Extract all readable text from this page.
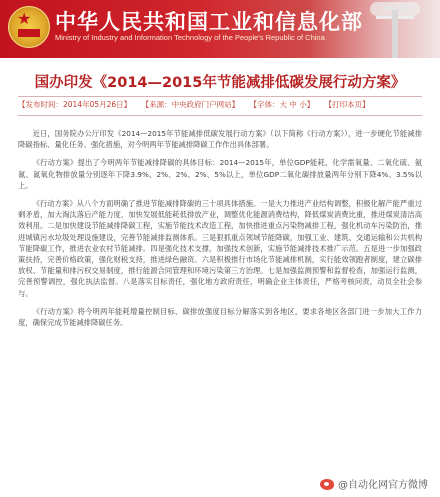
★ 中华人民共和国工业和信息化部
Ministry of Industry and Information Technology of the People's Republic of China
国办印发《2014—2015年节能减排低碳发展行动方案》
【发布时间：2014年05月26日】 【来源：中央政府门户网站】 【字体：大 中 小】 【打印本页】

近日，国务院办公厅印发《2014—2015年节能减排低碳发展行动方案》（以下简称《行动方案》），进一步硬化节能减排降碳指标、量化任务、强化措施，对今明两年节能减排降碳工作作出具体部署。

《行动方案》提出了今明两年节能减排降碳的具体目标：2014—2015年，单位GDP能耗、化学需氧量、二氧化硫、氨氮、氮氧化物排放量分别逐年下降3.9%、2%、2%、2%、5%以上，单位GDP二氧化碳排放量两年分别下降4%、3.5%以上。

《行动方案》从八个方面明确了推进节能减排降碳的三十项具体措施。一是大力推进产业结构调整，积极化解产能严重过剩矛盾，加大淘汰落后产能力度，加快发展低能耗低排放产业，调整优化能源消费结构，降低煤炭消费比重，推进煤炭清洁高效利用。二是加快建设节能减排降碳工程，实施节能技术改造工程，加快推进重点污染物减排工程，强化机动车污染防治，推进城镇污水垃圾处理设施建设，完善节能减排监测体系。三是狠抓重点领域节能降碳，加强工业、建筑、交通运输和公共机构节能降碳工作，推进农业农村节能减排。四是强化技术支撑，加强技术创新，实施节能减排技术推广示范。五是进一步加强政策扶持，完善价格政策，强化财税支持，推进绿色融资。六是积极推行市场化节能减排机制，实行能效领跑者制度，建立碳排放权、节能量和排污权交易制度，推行能源合同管理和环境污染第三方治理。七是加强监测预警和监督检查，加强运行监测，完善预警调控，强化执法监督。八是落实目标责任，强化地方政府责任，明确企业主体责任，严格考核问责，动员全社会参与。

《行动方案》将今明两年能耗增量控制目标、碳排放强度目标分解落实到各地区，要求各地区各部门进一步加大工作力度，确保完成节能减排降碳任务。

@自动化网官方微博
